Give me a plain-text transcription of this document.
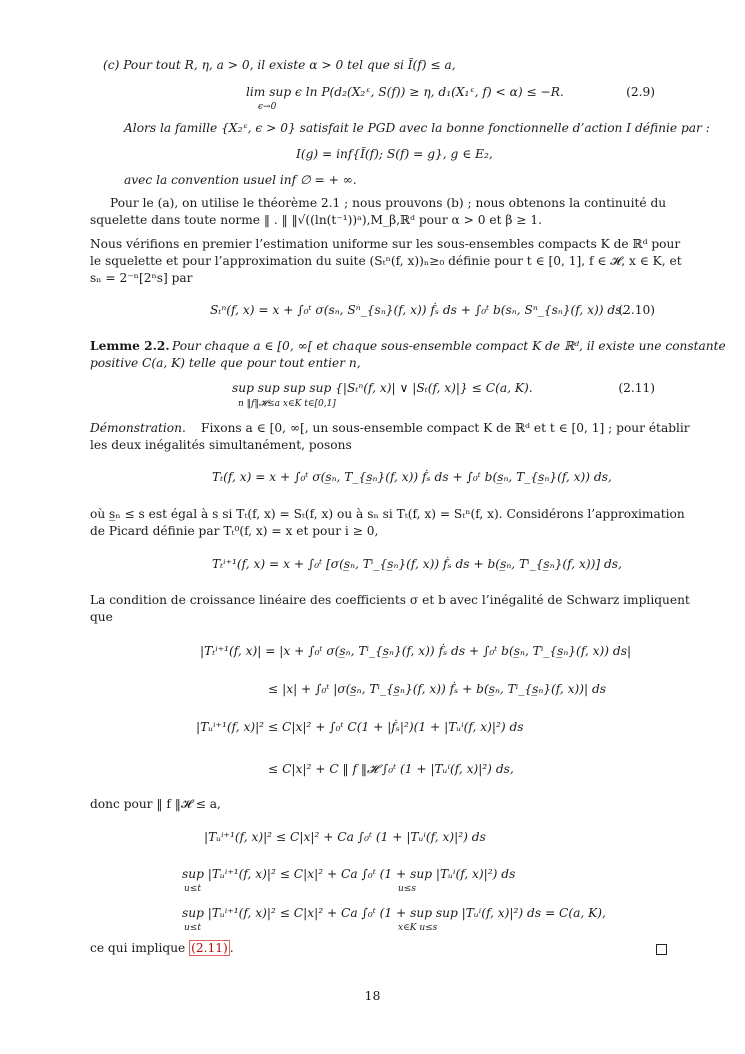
(c) Pour tout R, η, a > 0, il existe α > 0 tel que si Ĩ(f) ≤ a,
lim sup ϵ ln P(d₂(X₂ᵋ, S(f)) ≥ η, d₁(X₁ᵋ, f) < α) ≤ −R.
ϵ→0
(2.9)
Alors la famille {X₂ᵋ, ϵ > 0} satisfait le PGD avec la bonne fonctionnelle d’action I définie par :
I(g) = inf{Ĩ(f); S(f) = g}, g ∈ E₂,
avec la convention usuel inf ∅ = + ∞.
Pour le (a), on utilise le théorème 2.1 ; nous prouvons (b) ; nous obtenons la continuité du
squelette dans toute norme ‖ . ‖ ‖√((ln(t⁻¹))ᵃ),M_β,ℝᵈ pour α > 0 et β ≥ 1.
Nous vérifions en premier l’estimation uniforme sur les sous-ensembles compacts K de ℝᵈ pour
le squelette et pour l’approximation du suite (Sₜⁿ(f, x))ₙ≥₀ définie pour t ∈ [0, 1], f ∈ 𝓗, x ∈ K, et
sₙ = 2⁻ⁿ[2ⁿs] par
Sₜⁿ(f, x) = x + ∫₀ᵗ σ(sₙ, Sⁿ_{sₙ}(f, x)) ḟₛ ds + ∫₀ᵗ b(sₙ, Sⁿ_{sₙ}(f, x)) ds.
(2.10)
Lemme 2.2. Pour chaque a ∈ [0, ∞[ et chaque sous-ensemble compact K de ℝᵈ, il existe une constante
positive C(a, K) telle que pour tout entier n,
sup sup sup sup {|Sₜⁿ(f, x)| ∨ |Sₜ(f, x)|} ≤ C(a, K).
n ‖f‖𝓗≤a x∈K t∈[0,1]
(2.11)
Démonstration. Fixons a ∈ [0, ∞[, un sous-ensemble compact K de ℝᵈ et t ∈ [0, 1] ; pour établir
les deux inégalités simultanément, posons
Tₜ(f, x) = x + ∫₀ᵗ σ(s̲ₙ, T_{s̲ₙ}(f, x)) ḟₛ ds + ∫₀ᵗ b(s̲ₙ, T_{s̲ₙ}(f, x)) ds,
où s̲ₙ ≤ s est égal à s si Tₜ(f, x) = Sₜ(f, x) ou à sₙ si Tₜ(f, x) = Sₜⁿ(f, x). Considérons l’approximation
de Picard définie par Tₜ⁰(f, x) = x et pour i ≥ 0,
Tₜⁱ⁺¹(f, x) = x + ∫₀ᵗ [σ(s̲ₙ, Tⁱ_{s̲ₙ}(f, x)) ḟₛ ds + b(s̲ₙ, Tⁱ_{s̲ₙ}(f, x))] ds,
La condition de croissance linéaire des coefficients σ et b avec l’inégalité de Schwarz impliquent
que
|Tₜⁱ⁺¹(f, x)| = |x + ∫₀ᵗ σ(s̲ₙ, Tⁱ_{s̲ₙ}(f, x)) ḟₛ ds + ∫₀ᵗ b(s̲ₙ, Tⁱ_{s̲ₙ}(f, x)) ds|
≤ |x| + ∫₀ᵗ |σ(s̲ₙ, Tⁱ_{s̲ₙ}(f, x)) ḟₛ + b(s̲ₙ, Tⁱ_{s̲ₙ}(f, x))| ds
|Tᵤⁱ⁺¹(f, x)|² ≤ C|x|² + ∫₀ᵗ C(1 + |ḟₛ|²)(1 + |Tᵤⁱ(f, x)|²) ds
≤ C|x|² + C ‖ f ‖𝓗 ∫₀ᵗ (1 + |Tᵤⁱ(f, x)|²) ds,
donc pour ‖ f ‖𝓗 ≤ a,
|Tᵤⁱ⁺¹(f, x)|² ≤ C|x|² + Ca ∫₀ᵗ (1 + |Tᵤⁱ(f, x)|²) ds
sup |Tᵤⁱ⁺¹(f, x)|² ≤ C|x|² + Ca ∫₀ᵗ (1 + sup |Tᵤⁱ(f, x)|²) ds
u≤t	u≤s
sup |Tᵤⁱ⁺¹(f, x)|² ≤ C|x|² + Ca ∫₀ᵗ (1 + sup sup |Tᵤⁱ(f, x)|²) ds = C(a, K),
u≤t	x∈K u≤s
ce qui implique (2.11) .
18
